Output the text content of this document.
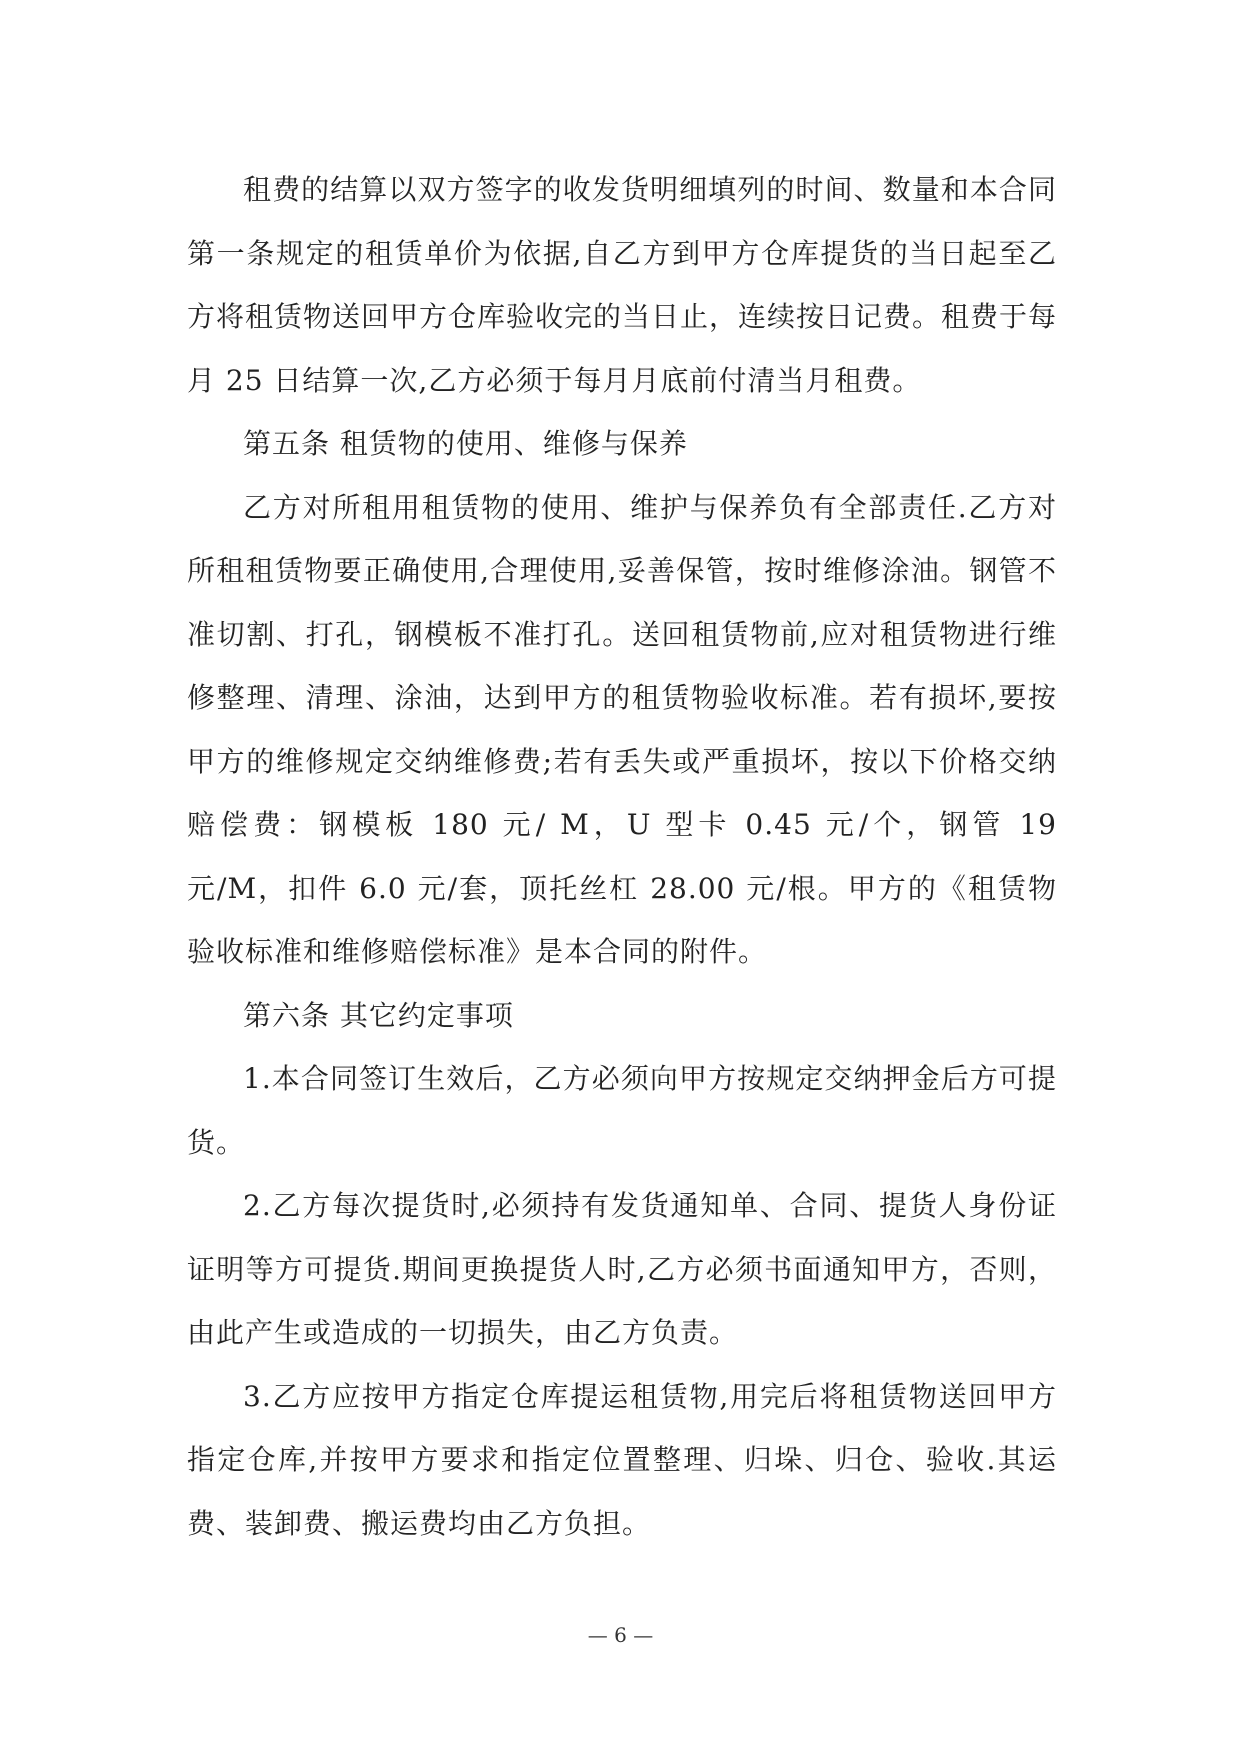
租费的结算以双方签字的收发货明细填列的时间、数量和本合同第一条规定的租赁单价为依据,自乙方到甲方仓库提货的当日起至乙方将租赁物送回甲方仓库验收完的当日止，连续按日记费。租费于每月 25 日结算一次,乙方必须于每月月底前付清当月租费。

第五条 租赁物的使用、维修与保养

乙方对所租用租赁物的使用、维护与保养负有全部责任.乙方对所租租赁物要正确使用,合理使用,妥善保管，按时维修涂油。钢管不准切割、打孔，钢模板不准打孔。送回租赁物前,应对租赁物进行维修整理、清理、涂油，达到甲方的租赁物验收标准。若有损坏,要按甲方的维修规定交纳维修费;若有丢失或严重损坏，按以下价格交纳赔偿费：钢模板 180 元/ M，U 型卡 0.45 元/个，钢管 19 元/M，扣件 6.0 元/套，顶托丝杠 28.00 元/根。甲方的《租赁物验收标准和维修赔偿标准》是本合同的附件。

第六条 其它约定事项

1.本合同签订生效后，乙方必须向甲方按规定交纳押金后方可提货。

2.乙方每次提货时,必须持有发货通知单、合同、提货人身份证证明等方可提货.期间更换提货人时,乙方必须书面通知甲方，否则，由此产生或造成的一切损失，由乙方负责。

3.乙方应按甲方指定仓库提运租赁物,用完后将租赁物送回甲方指定仓库,并按甲方要求和指定位置整理、归垛、归仓、验收.其运费、装卸费、搬运费均由乙方负担。

— 6 —
